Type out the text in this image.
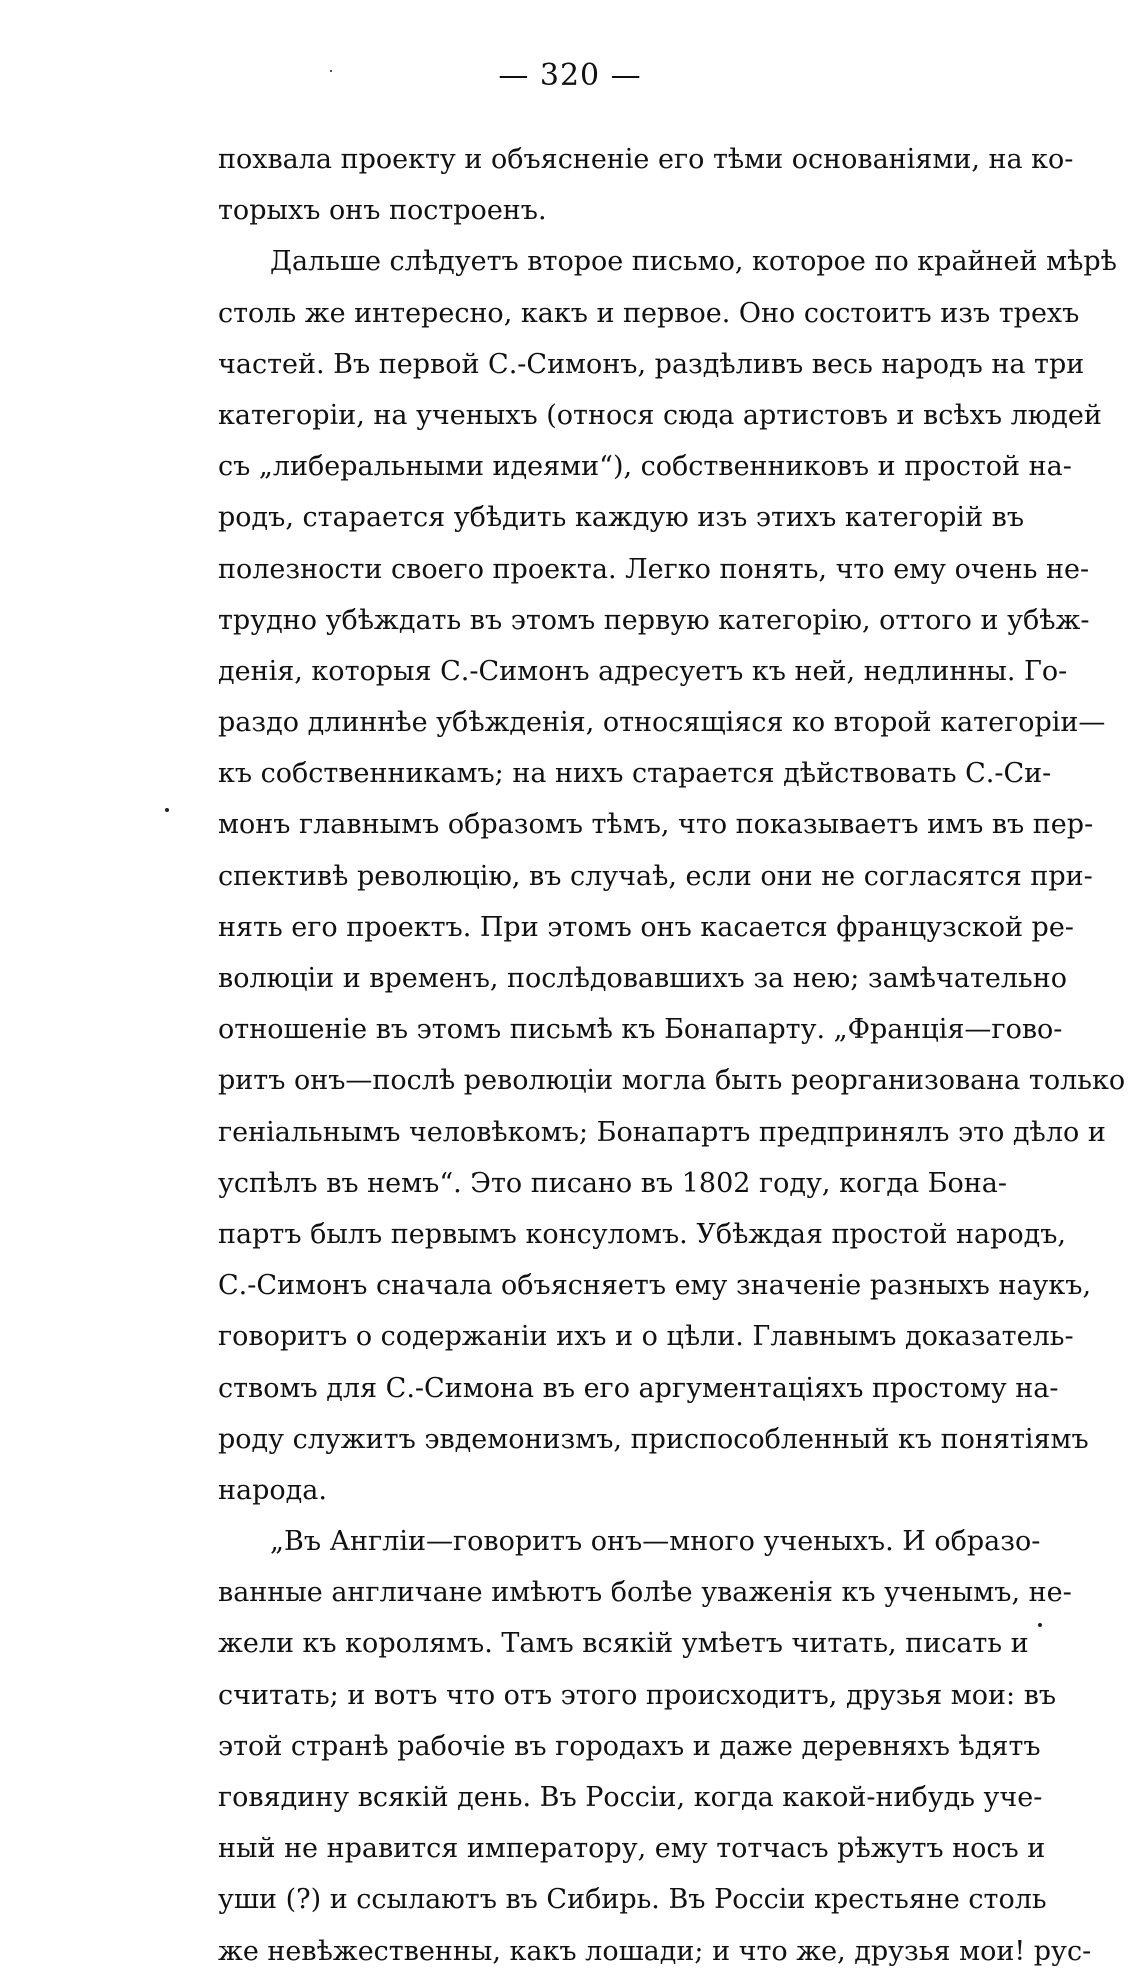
— 320 —
похвала проекту и объясненіе его тѣми основаніями, на ко-
торыхъ онъ построенъ.
Дальше слѣдуетъ второе письмо, которое по крайней мѣрѣ
столь же интересно, какъ и первое. Оно состоитъ изъ трехъ
частей. Въ первой С.-Симонъ, раздѣливъ весь народъ на три
категоріи, на ученыхъ (относя сюда артистовъ и всѣхъ людей
съ „либеральными идеями“), собственниковъ и простой на-
родъ, старается убѣдить каждую изъ этихъ категорій въ
полезности своего проекта. Легко понять, что ему очень не-
трудно убѣждать въ этомъ первую категорію, оттого и убѣж-
денія, которыя С.-Симонъ адресуетъ къ ней, недлинны. Го-
раздо длиннѣе убѣжденія, относящіяся ко второй категоріи—
къ собственникамъ; на нихъ старается дѣйствовать С.-Си-
монъ главнымъ образомъ тѣмъ, что показываетъ имъ въ пер-
спективѣ революцію, въ случаѣ, если они не согласятся при-
нять его проектъ. При этомъ онъ касается французской ре-
волюціи и временъ, послѣдовавшихъ за нею; замѣчательно
отношеніе въ этомъ письмѣ къ Бонапарту. „Франція—гово-
ритъ онъ—послѣ революціи могла быть реорганизована только
геніальнымъ человѣкомъ; Бонапартъ предпринялъ это дѣло и
успѣлъ въ немъ“. Это писано въ 1802 году, когда Бона-
партъ былъ первымъ консуломъ. Убѣждая простой народъ,
С.-Симонъ сначала объясняетъ ему значеніе разныхъ наукъ,
говоритъ о содержаніи ихъ и о цѣли. Главнымъ доказатель-
ствомъ для С.-Симона въ его аргументаціяхъ простому на-
роду служитъ эвдемонизмъ, приспособленный къ понятіямъ
народа.
„Въ Англіи—говоритъ онъ—много ученыхъ. И образо-
ванные англичане имѣютъ болѣе уваженія къ ученымъ, не-
жели къ королямъ. Тамъ всякій умѣетъ читать, писать и
считать; и вотъ что отъ этого происходитъ, друзья мои: въ
этой странѣ рабочіе въ городахъ и даже деревняхъ ѣдятъ
говядину всякій день. Въ Россіи, когда какой-нибудь уче-
ный не нравится императору, ему тотчасъ рѣжутъ носъ и
уши (?) и ссылаютъ въ Сибирь. Въ Россіи крестьяне столь
же невѣжественны, какъ лошади; и что же, друзья мои! рус-
